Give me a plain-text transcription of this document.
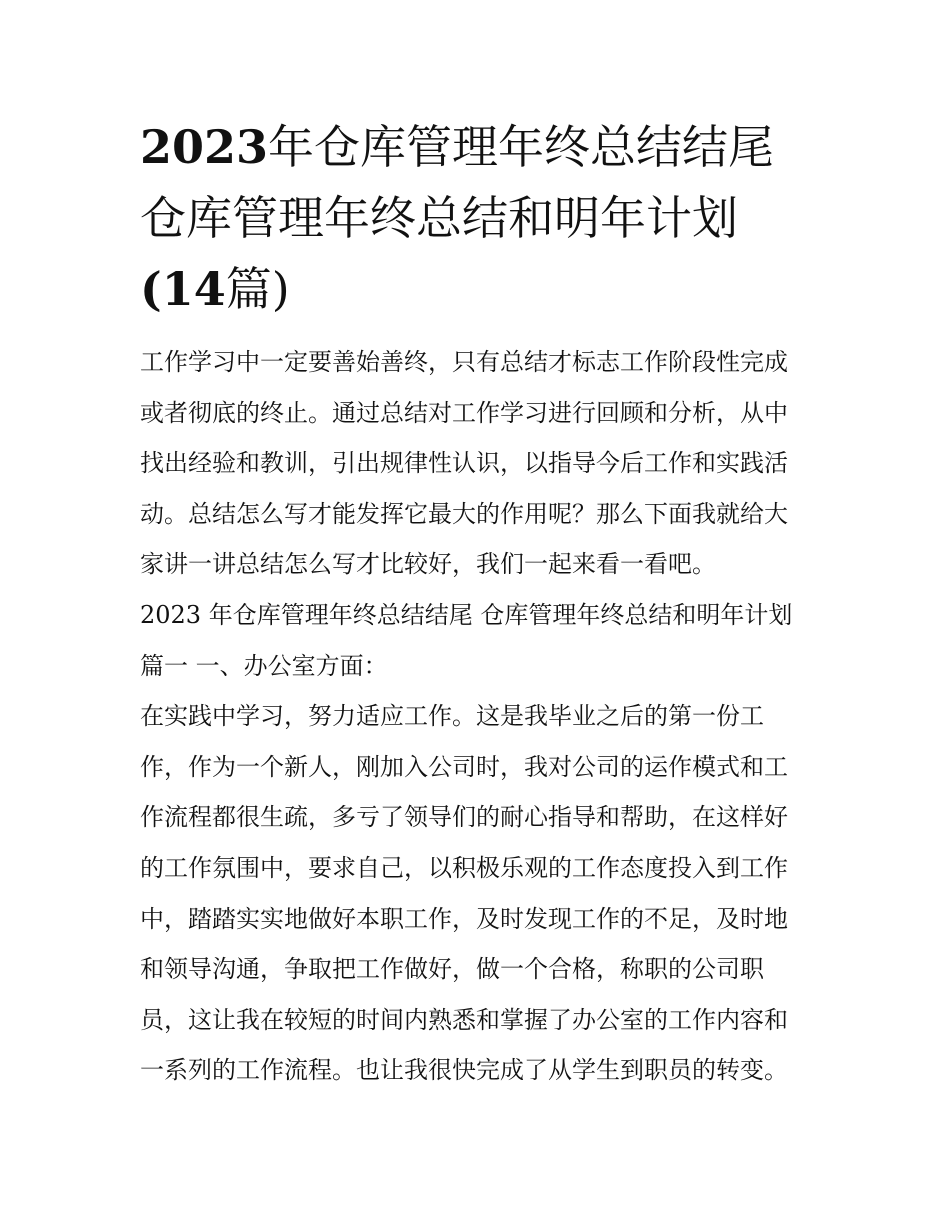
2023年仓库管理年终总结结尾
仓库管理年终总结和明年计划
(14篇)
工作学习中一定要善始善终，只有总结才标志工作阶段性完成
或者彻底的终止。通过总结对工作学习进行回顾和分析，从中
找出经验和教训，引出规律性认识，以指导今后工作和实践活
动。总结怎么写才能发挥它最大的作用呢？那么下面我就给大
家讲一讲总结怎么写才比较好，我们一起来看一看吧。
2023 年仓库管理年终总结结尾 仓库管理年终总结和明年计划
篇一 一、办公室方面：
在实践中学习，努力适应工作。这是我毕业之后的第一份工
作，作为一个新人，刚加入公司时，我对公司的运作模式和工
作流程都很生疏，多亏了领导们的耐心指导和帮助，在这样好
的工作氛围中，要求自己，以积极乐观的工作态度投入到工作
中，踏踏实实地做好本职工作，及时发现工作的不足，及时地
和领导沟通，争取把工作做好，做一个合格，称职的公司职
员，这让我在较短的时间内熟悉和掌握了办公室的工作内容和
一系列的工作流程。也让我很快完成了从学生到职员的转变。
